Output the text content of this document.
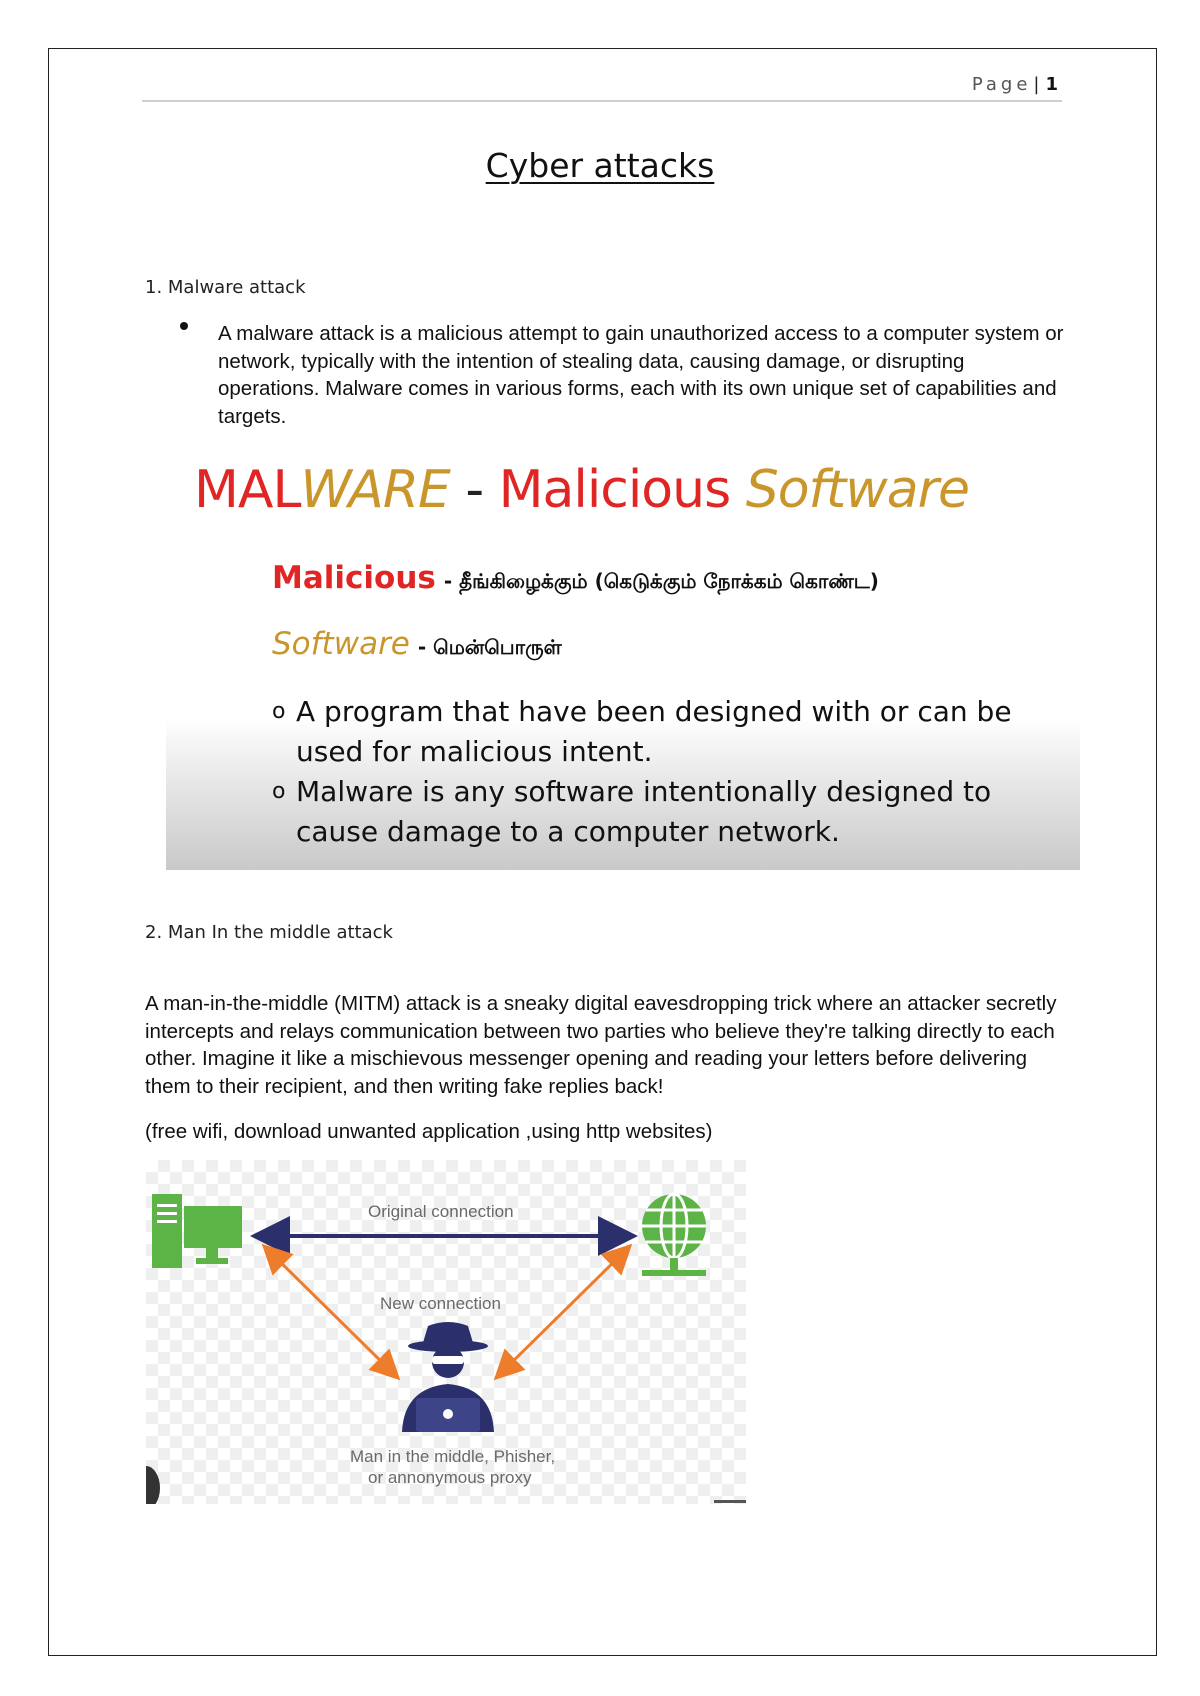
Page | 1
Cyber attacks
1. Malware attack
A malware attack is a malicious attempt to gain unauthorized access to a computer system or network, typically with the intention of stealing data, causing damage, or disrupting operations. Malware comes in various forms, each with its own unique set of capabilities and targets.
MALWARE - Malicious Software
Malicious - தீங்கிழைக்கும் (கெடுக்கும் நோக்கம் கொண்ட)
Software - மென்பொருள்
o A program that have been designed with or can be used for malicious intent.
o Malware is any software intentionally designed to cause damage to a computer network.
2. Man In the middle attack
A man-in-the-middle (MITM) attack is a sneaky digital eavesdropping trick where an attacker secretly intercepts and relays communication between two parties who believe they're talking directly to each other. Imagine it like a mischievous messenger opening and reading your letters before delivering them to their recipient, and then writing fake replies back!
(free wifi, download unwanted application ,using http websites)
Original connection
New connection
Man in the middle, Phisher,
or annonymous proxy
